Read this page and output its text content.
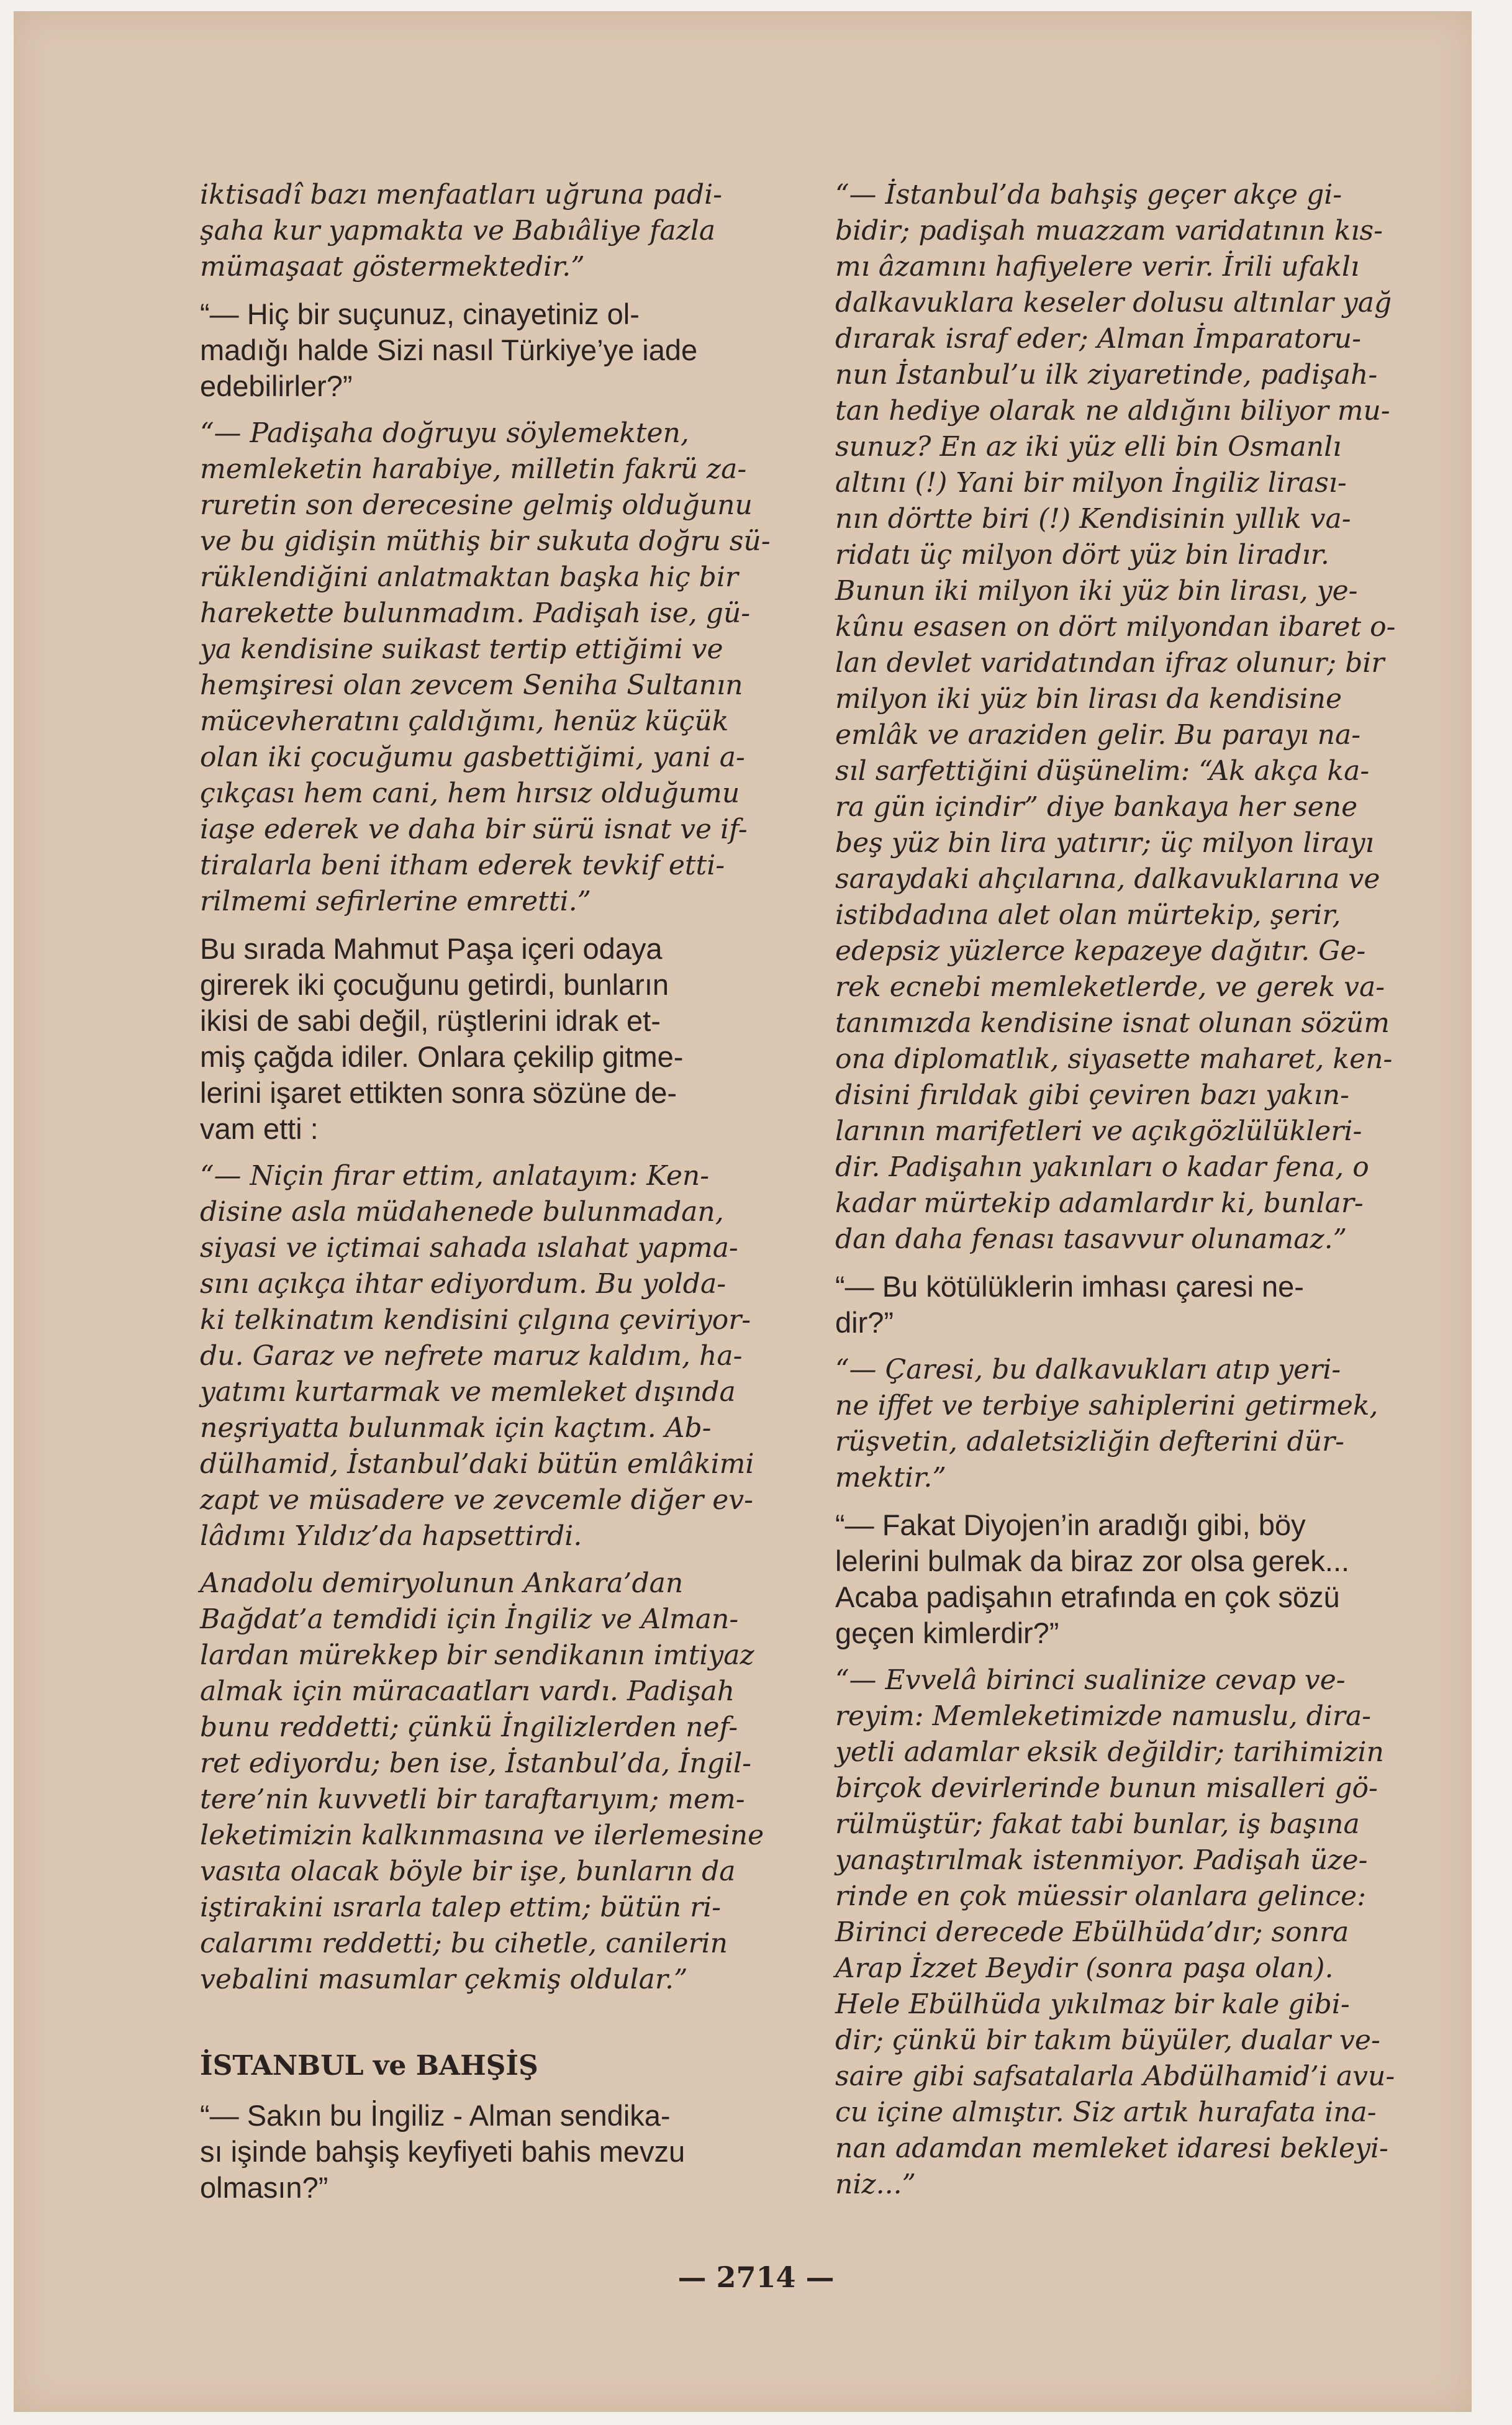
iktisadî bazı menfaatları uğruna padi-
şaha kur yapmakta ve Babıâliye fazla
mümaşaat göstermektedir.”

“— Hiç bir suçunuz, cinayetiniz ol-
madığı halde Sizi nasıl Türkiye’ye iade
edebilirler?”

“— Padişaha doğruyu söylemekten,
memleketin harabiye, milletin fakrü za-
ruretin son derecesine gelmiş olduğunu
ve bu gidişin müthiş bir sukuta doğru sü-
rüklendiğini anlatmaktan başka hiç bir
harekette bulunmadım. Padişah ise, gü-
ya kendisine suikast tertip ettiğimi ve
hemşiresi olan zevcem Seniha Sultanın
mücevheratını çaldığımı, henüz küçük
olan iki çocuğumu gasbettiğimi, yani a-
çıkçası hem cani, hem hırsız olduğumu
iaşe ederek ve daha bir sürü isnat ve if-
tiralarla beni itham ederek tevkif etti-
rilmemi sefirlerine emretti.”

Bu sırada Mahmut Paşa içeri odaya
girerek iki çocuğunu getirdi, bunların
ikisi de sabi değil, rüştlerini idrak et-
miş çağda idiler. Onlara çekilip gitme-
lerini işaret ettikten sonra sözüne de-
vam etti :

“— Niçin firar ettim, anlatayım: Ken-
disine asla müdahenede bulunmadan,
siyasi ve içtimai sahada ıslahat yapma-
sını açıkça ihtar ediyordum. Bu yolda-
ki telkinatım kendisini çılgına çeviriyor-
du. Garaz ve nefrete maruz kaldım, ha-
yatımı kurtarmak ve memleket dışında
neşriyatta bulunmak için kaçtım. Ab-
dülhamid, İstanbul’daki bütün emlâkimi
zapt ve müsadere ve zevcemle diğer ev-
lâdımı Yıldız’da hapsettirdi.

Anadolu demiryolunun Ankara’dan
Bağdat’a temdidi için İngiliz ve Alman-
lardan mürekkep bir sendikanın imtiyaz
almak için müracaatları vardı. Padişah
bunu reddetti; çünkü İngilizlerden nef-
ret ediyordu; ben ise, İstanbul’da, İngil-
tere’nin kuvvetli bir taraftarıyım; mem-
leketimizin kalkınmasına ve ilerlemesine
vasıta olacak böyle bir işe, bunların da
iştirakini ısrarla talep ettim; bütün ri-
calarımı reddetti; bu cihetle, canilerin
vebalini masumlar çekmiş oldular.”

İSTANBUL ve BAHŞİŞ

“— Sakın bu İngiliz - Alman sendika-
sı işinde bahşiş keyfiyeti bahis mevzu
olmasın?”

“— İstanbul’da bahşiş geçer akçe gi-
bidir; padişah muazzam varidatının kıs-
mı âzamını hafiyelere verir. İrili ufaklı
dalkavuklara keseler dolusu altınlar yağ
dırarak israf eder; Alman İmparatoru-
nun İstanbul’u ilk ziyaretinde, padişah-
tan hediye olarak ne aldığını biliyor mu-
sunuz? En az iki yüz elli bin Osmanlı
altını (!) Yani bir milyon İngiliz lirası-
nın dörtte biri (!) Kendisinin yıllık va-
ridatı üç milyon dört yüz bin liradır.
Bunun iki milyon iki yüz bin lirası, ye-
kûnu esasen on dört milyondan ibaret o-
lan devlet varidatından ifraz olunur; bir
milyon iki yüz bin lirası da kendisine
emlâk ve araziden gelir. Bu parayı na-
sıl sarfettiğini düşünelim: “Ak akça ka-
ra gün içindir” diye bankaya her sene
beş yüz bin lira yatırır; üç milyon lirayı
saraydaki ahçılarına, dalkavuklarına ve
istibdadına alet olan mürtekip, şerir,
edepsiz yüzlerce kepazeye dağıtır. Ge-
rek ecnebi memleketlerde, ve gerek va-
tanımızda kendisine isnat olunan sözüm
ona diplomatlık, siyasette maharet, ken-
disini fırıldak gibi çeviren bazı yakın-
larının marifetleri ve açıkgözlülükleri-
dir. Padişahın yakınları o kadar fena, o
kadar mürtekip adamlardır ki, bunlar-
dan daha fenası tasavvur olunamaz.”

“— Bu kötülüklerin imhası çaresi ne-
dir?”

“— Çaresi, bu dalkavukları atıp yeri-
ne iffet ve terbiye sahiplerini getirmek,
rüşvetin, adaletsizliğin defterini dür-
mektir.”

“— Fakat Diyojen’in aradığı gibi, böy
lelerini bulmak da biraz zor olsa gerek...
Acaba padişahın etrafında en çok sözü
geçen kimlerdir?”

“— Evvelâ birinci sualinize cevap ve-
reyim: Memleketimizde namuslu, dira-
yetli adamlar eksik değildir; tarihimizin
birçok devirlerinde bunun misalleri gö-
rülmüştür; fakat tabi bunlar, iş başına
yanaştırılmak istenmiyor. Padişah üze-
rinde en çok müessir olanlara gelince:
Birinci derecede Ebülhüda’dır; sonra
Arap İzzet Beydir (sonra paşa olan).
Hele Ebülhüda yıkılmaz bir kale gibi-
dir; çünkü bir takım büyüler, dualar ve-
saire gibi safsatalarla Abdülhamid’i avu-
cu içine almıştır. Siz artık hurafata ina-
nan adamdan memleket idaresi bekleyi-
niz...”

— 2714 —
